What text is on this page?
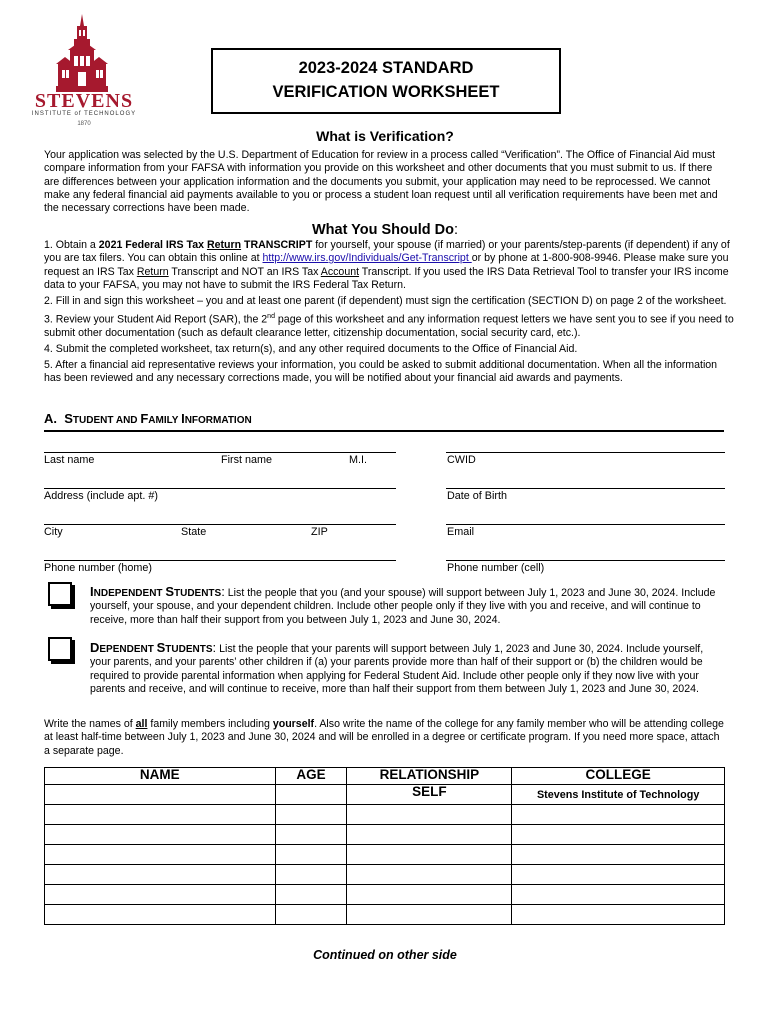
STEVENS
INSTITUTE of TECHNOLOGY
1870
2023-2024 STANDARD
VERIFICATION WORKSHEET
What is Verification?
Your application was selected by the U.S. Department of Education for review in a process called “Verification”. The Office of Financial Aid must compare information from your FAFSA with information you provide on this worksheet and other documents that you must submit to us. If there are differences between your application information and the documents you submit, your application may need to be reprocessed. We cannot make any federal financial aid payments available to you or process a student loan request until all verification requirements have been met and the necessary corrections have been made.
What You Should Do:

1. Obtain a 2021 Federal IRS Tax Return TRANSCRIPT for yourself, your spouse (if married) or your parents/step-parents (if dependent) if any of you are tax filers. You can obtain this online at http://www.irs.gov/Individuals/Get-Transcript or by phone at 1-800-908-9946. Please make sure you request an IRS Tax Return Transcript and NOT an IRS Tax Account Transcript. If you used the IRS Data Retrieval Tool to transfer your IRS income data to your FAFSA, you may not have to submit the IRS Federal Tax Return.

2. Fill in and sign this worksheet – you and at least one parent (if dependent) must sign the certification (SECTION D) on page 2 of the worksheet.

3. Review your Student Aid Report (SAR), the 2nd page of this worksheet and any information request letters we have sent you to see if you need to submit other documentation (such as default clearance letter, citizenship documentation, social security card, etc.).

4. Submit the completed worksheet, tax return(s), and any other required documents to the Office of Financial Aid.

5. After a financial aid representative reviews your information, you could be asked to submit additional documentation. When all the information has been reviewed and any necessary corrections made, you will be notified about your financial aid awards and payments.

A. STUDENT AND FAMILY INFORMATION
Last name	First name	M.I.	CWID
Address (include apt. #)	Date of Birth
City	State	ZIP	Email
Phone number (home)	Phone number (cell)
INDEPENDENT STUDENTS: List the people that you (and your spouse) will support between July 1, 2023 and June 30, 2024. Include yourself, your spouse, and your dependent children. Include other people only if they live with you and receive, and will continue to receive, more than half their support from you between July 1, 2023 and June 30, 2024.
DEPENDENT STUDENTS: List the people that your parents will support between July 1, 2023 and June 30, 2024. Include yourself, your parents, and your parents’ other children if (a) your parents provide more than half of their support or (b) the children would be required to provide parental information when applying for Federal Student Aid. Include other people only if they now live with your parents and receive, and will continue to receive, more than half their support from them between July 1, 2023 and June 30, 2024.
Write the names of all family members including yourself. Also write the name of the college for any family member who will be attending college at least half-time between July 1, 2023 and June 30, 2024 and will be enrolled in a degree or certificate program. If you need more space, attach a separate page.
NAME	AGE	RELATIONSHIP	COLLEGE
		SELF	Stevens Institute of Technology

Continued on other side
